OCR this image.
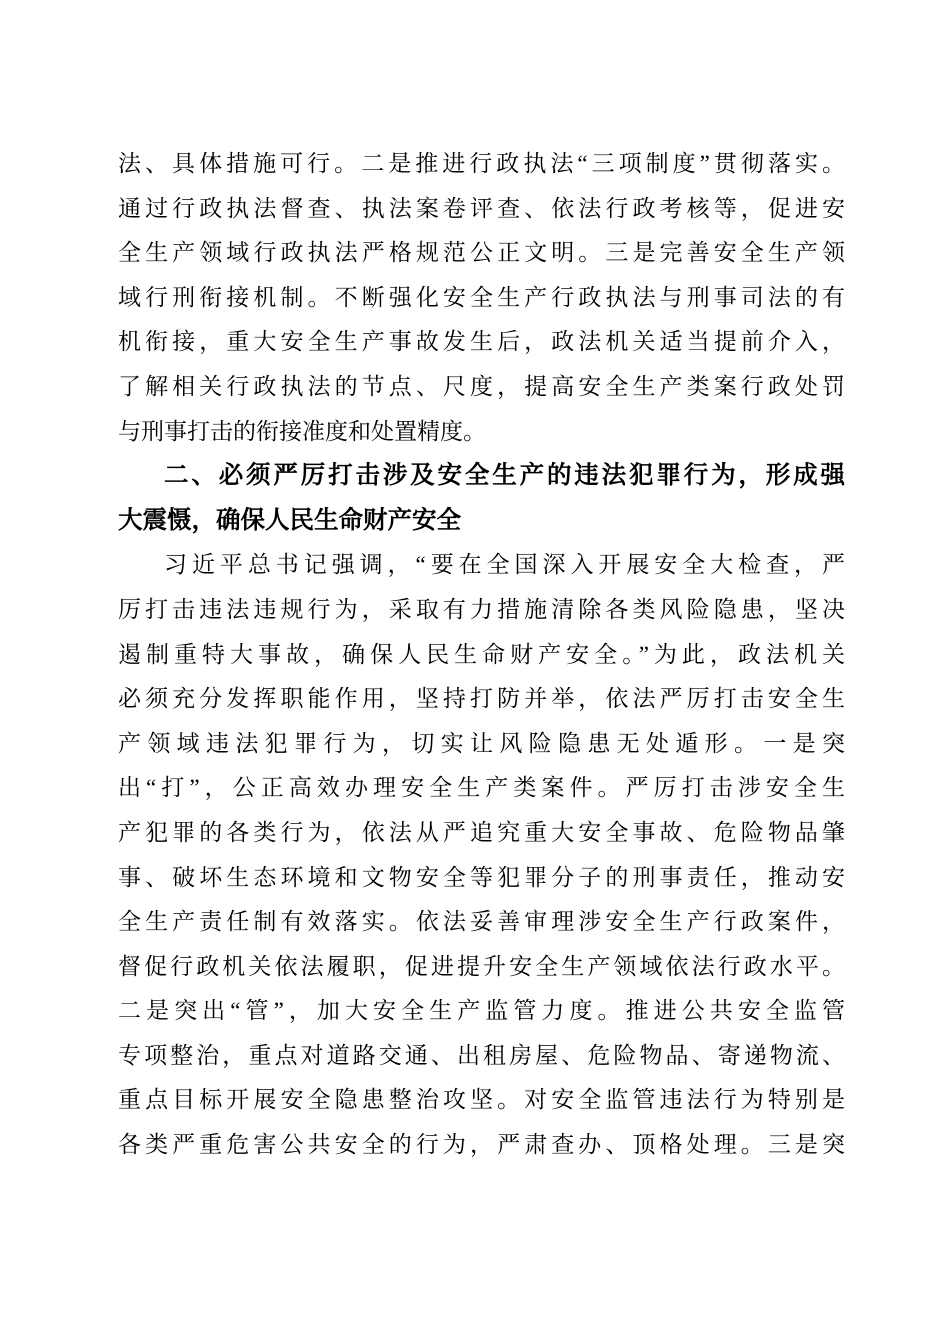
法、具体措施可行。二是推进行政执法“三项制度”贯彻落实。
通过行政执法督查、执法案卷评查、依法行政考核等，促进安
全生产领域行政执法严格规范公正文明。三是完善安全生产领
域行刑衔接机制。不断强化安全生产行政执法与刑事司法的有
机衔接，重大安全生产事故发生后，政法机关适当提前介入，
了解相关行政执法的节点、尺度，提高安全生产类案行政处罚
与刑事打击的衔接准度和处置精度。
二、必须严厉打击涉及安全生产的违法犯罪行为，形成强
大震慑，确保人民生命财产安全
习近平总书记强调，“要在全国深入开展安全大检查，严
厉打击违法违规行为，采取有力措施清除各类风险隐患，坚决
遏制重特大事故，确保人民生命财产安全。”为此，政法机关
必须充分发挥职能作用，坚持打防并举，依法严厉打击安全生
产领域违法犯罪行为，切实让风险隐患无处遁形。一是突
出“打”，公正高效办理安全生产类案件。严厉打击涉安全生
产犯罪的各类行为，依法从严追究重大安全事故、危险物品肇
事、破坏生态环境和文物安全等犯罪分子的刑事责任，推动安
全生产责任制有效落实。依法妥善审理涉安全生产行政案件，
督促行政机关依法履职，促进提升安全生产领域依法行政水平。
二是突出“管”，加大安全生产监管力度。推进公共安全监管
专项整治，重点对道路交通、出租房屋、危险物品、寄递物流、
重点目标开展安全隐患整治攻坚。对安全监管违法行为特别是
各类严重危害公共安全的行为，严肃查办、顶格处理。三是突
